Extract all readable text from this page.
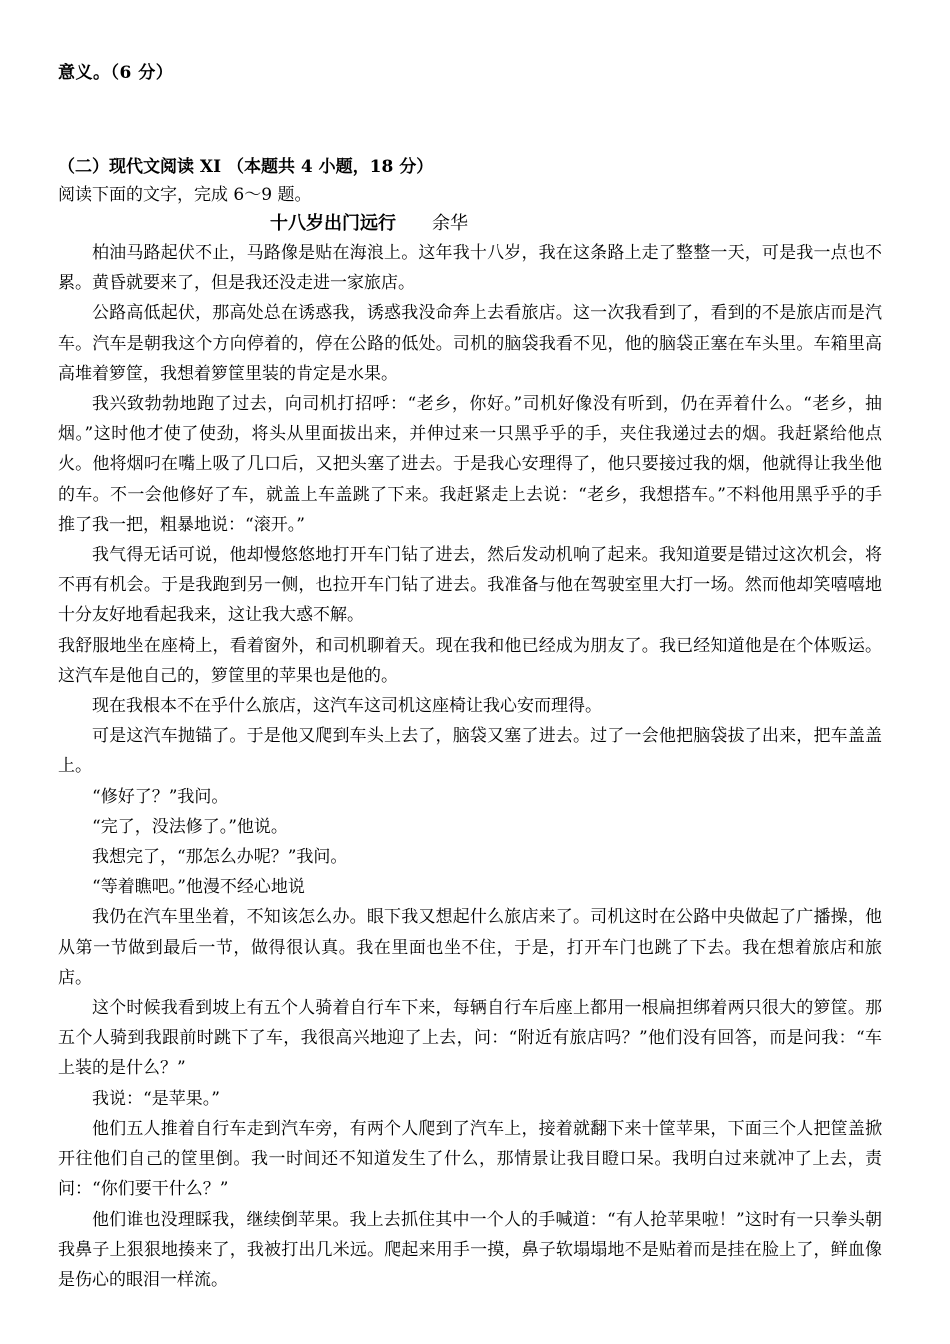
意义。（6 分）
（二）现代文阅读 XI （本题共 4 小题，18 分）
阅读下面的文字，完成 6～9 题。
十八岁出门远行 余华

柏油马路起伏不止，马路像是贴在海浪上。这年我十八岁，我在这条路上走了整整一天，可是我一点也不累。黄昏就要来了，但是我还没走进一家旅店。

公路高低起伏，那高处总在诱惑我，诱惑我没命奔上去看旅店。这一次我看到了，看到的不是旅店而是汽车。汽车是朝我这个方向停着的，停在公路的低处。司机的脑袋我看不见，他的脑袋正塞在车头里。车箱里高高堆着箩筐，我想着箩筐里装的肯定是水果。

我兴致勃勃地跑了过去，向司机打招呼：“老乡，你好。”司机好像没有听到，仍在弄着什么。“老乡，抽烟。”这时他才使了使劲，将头从里面拔出来，并伸过来一只黑乎乎的手，夹住我递过去的烟。我赶紧给他点火。他将烟叼在嘴上吸了几口后，又把头塞了进去。于是我心安理得了，他只要接过我的烟，他就得让我坐他的车。不一会他修好了车，就盖上车盖跳了下来。我赶紧走上去说：“老乡，我想搭车。”不料他用黑乎乎的手推了我一把，粗暴地说：“滚开。”

我气得无话可说，他却慢悠悠地打开车门钻了进去，然后发动机响了起来。我知道要是错过这次机会，将不再有机会。于是我跑到另一侧，也拉开车门钻了进去。我准备与他在驾驶室里大打一场。然而他却笑嘻嘻地十分友好地看起我来，这让我大惑不解。

我舒服地坐在座椅上，看着窗外，和司机聊着天。现在我和他已经成为朋友了。我已经知道他是在个体贩运。这汽车是他自己的，箩筐里的苹果也是他的。

现在我根本不在乎什么旅店，这汽车这司机这座椅让我心安而理得。

可是这汽车抛锚了。于是他又爬到车头上去了，脑袋又塞了进去。过了一会他把脑袋拔了出来，把车盖盖上。

“修好了？”我问。

“完了，没法修了。”他说。

我想完了，“那怎么办呢？”我问。

“等着瞧吧。”他漫不经心地说

我仍在汽车里坐着，不知该怎么办。眼下我又想起什么旅店来了。司机这时在公路中央做起了广播操，他从第一节做到最后一节，做得很认真。我在里面也坐不住，于是，打开车门也跳了下去。我在想着旅店和旅店。

这个时候我看到坡上有五个人骑着自行车下来，每辆自行车后座上都用一根扁担绑着两只很大的箩筐。那五个人骑到我跟前时跳下了车，我很高兴地迎了上去，问：“附近有旅店吗？”他们没有回答，而是问我：“车上装的是什么？”

我说：“是苹果。”

他们五人推着自行车走到汽车旁，有两个人爬到了汽车上，接着就翻下来十筐苹果，下面三个人把筐盖掀开往他们自己的筐里倒。我一时间还不知道发生了什么，那情景让我目瞪口呆。我明白过来就冲了上去，责问：“你们要干什么？”

他们谁也没理睬我，继续倒苹果。我上去抓住其中一个人的手喊道：“有人抢苹果啦！”这时有一只拳头朝我鼻子上狠狠地揍来了，我被打出几米远。爬起来用手一摸，鼻子软塌塌地不是贴着而是挂在脸上了，鲜血像是伤心的眼泪一样流。
